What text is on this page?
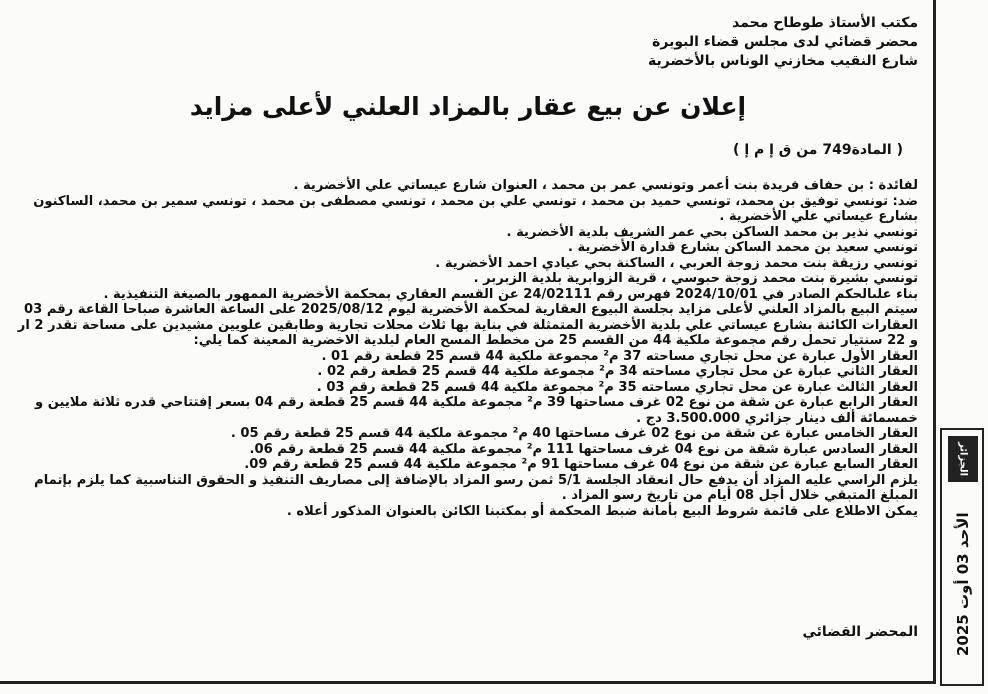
مكتب الأستاذ طوطاح محمد
محضر قضائي لدى مجلس قضاء البويرة
شارع النقيب مخازني الوناس بالأخضرية
إعلان عن بيع عقار بالمزاد العلني لأعلى مزايد
( المادة749 من ق إ م إ )

لفائدة : بن حفاف فريدة بنت أعمر وتونسي عمر بن محمد ، العنوان شارع عيساتي علي الأخضرية .

ضد: تونسي توفيق بن محمد، تونسي حميد بن محمد ، تونسي علي بن محمد ، تونسي مصطفى بن محمد ، تونسي سمير بن محمد، الساكنون بشارع عيساتي علي الأخضرية .

تونسي نذير بن محمد الساكن بحي عمر الشريف بلدية الأخضرية .

تونسي سعيد بن محمد الساكن بشارع قدارة الأخضرية .

تونسي رزيقة بنت محمد زوجة العربي ، الساكنة بحي عيادي احمد الأخضرية .

تونسي بشيرة بنت محمد زوجة حبوسي ، قرية الزوابرية بلدية الزبربر .

بناء علىالحكم الصادر في 2024/10/01 فهرس رقم 24/02111 عن القسم العقاري بمحكمة الأخضرية الممهور بالصيغة التنفيذية .

سيتم البيع بالمزاد العلني لأعلى مزايد بجلسة البيوع العقارية لمحكمة الأخضرية ليوم 2025/08/12 على الساعة العاشرة صباحا القاعة رقم 03 العقارات الكائنة بشارع عيساتي علي بلدية الأخضرية المتمثلة في بناية بها ثلاث محلات تجارية وطابقين علويين مشيدين على مساحة تقدر 2 ار و 22 سنتيار تحمل رقم مجموعة ملكية 44 من القسم 25 من مخطط المسح العام لبلدية الاخضرية المعينة كما يلي:

العقار الأول عبارة عن محل تجاري مساحته 37 م² مجموعة ملكية 44 قسم 25 قطعة رقم 01 .

العقار الثاني عبارة عن محل تجاري مساحته 34 م² مجموعة ملكية 44 قسم 25 قطعة رقم 02 .

العقار الثالث عبارة عن محل تجاري مساحته 35 م² مجموعة ملكية 44 قسم 25 قطعة رقم 03 .

العقار الرابع عبارة عن شقة من نوع 02 غرف مساحتها 39 م² مجموعة ملكية 44 قسم 25 قطعة رقم 04 بسعر إفتتاحي قدره ثلاثة ملايين و خمسمائة ألف دينار جزائري 3.500.000 دج .

العقار الخامس عبارة عن شقة من نوع 02 غرف مساحتها 40 م² مجموعة ملكية 44 قسم 25 قطعة رقم 05 .

العقار السادس عبارة شقة من نوع 04 غرف مساحتها 111 م² مجموعة ملكية 44 قسم 25 قطعة رقم 06.

العقار السابع عبارة عن شقة من نوع 04 غرف مساحتها 91 م² مجموعة ملكية 44 قسم 25 قطعة رقم 09.

يلزم الراسي عليه المزاد أن يدفع حال انعقاد الجلسة 5/1 ثمن رسو المزاد بالإضافة إلى مصاريف التنفيذ و الحقوق التناسبية كما يلزم بإتمام المبلغ المتبقي خلال أجل 08 أيام من تاريخ رسو المزاد .

يمكن الاطلاع على قائمة شروط البيع بأمانة ضبط المحكمة أو بمكتبنا الكائن بالعنوان المذكور أعلاه .

المحضر القضائي
الجزائر
الأحد 03 أوت 2025
